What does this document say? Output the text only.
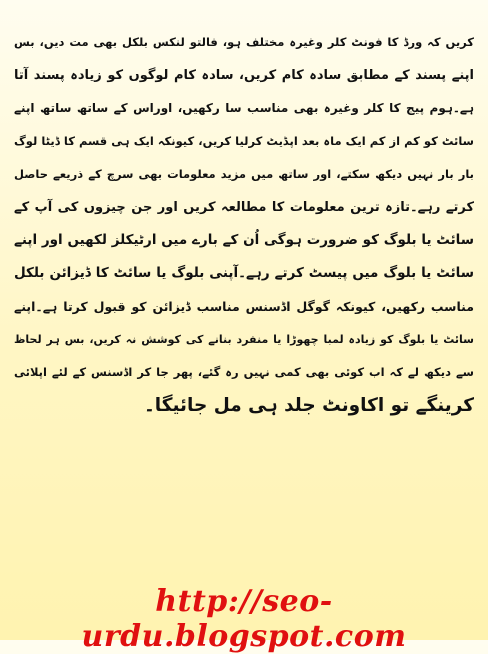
کریں کہ ورڈ کا فونٹ کلر وغیرہ مختلف ہو، فالتو لنکس بلکل بھی مت دیں، بس
اپنے پسند کے مطابق سادہ کام کریں، سادہ کام لوگوں کو زیادہ پسند آتا
ہے۔ہوم پیج کا کلر وغیرہ بھی مناسب سا رکھیں، اوراس کے ساتھ ساتھ اپنے
سائٹ کو کم از کم ایک ماہ بعد اپڈیٹ کرلیا کریں، کیونکہ ایک ہی قسم کا ڈیٹا لوگ
بار بار نہیں دیکھ سکتے، اور ساتھ میں مزید معلومات بھی سرچ کے ذریعے حاصل
کرتے رہے۔تازہ ترین معلومات کا مطالعہ کریں اور جن چیزوں کی آپ کے
سائٹ یا بلوگ کو ضرورت ہوگی اُن کے بارے میں ارٹیکلز لکھیں اور اپنے
سائٹ یا بلوگ میں پیسٹ کرتے رہے۔آپنی بلوگ یا سائٹ کا ڈیزائن بلکل
مناسب رکھیں، کیونکہ گوگل اڈسنس مناسب ڈیزائن کو قبول کرتا ہے۔اپنے
سائٹ یا بلوگ کو زیادہ لمبا چھوڑا یا منفرد بنانے کی کوشش نہ کریں، بس ہر لحاظ
سے دیکھ لے کہ اب کوئی بھی کمی نہیں رہ گئے، پھر جا کر اڈسنس کے لئے اپلائی
کرینگے تو اکاونٹ جلد ہی مل جائیگا۔
http://seo-urdu.blogspot.com
